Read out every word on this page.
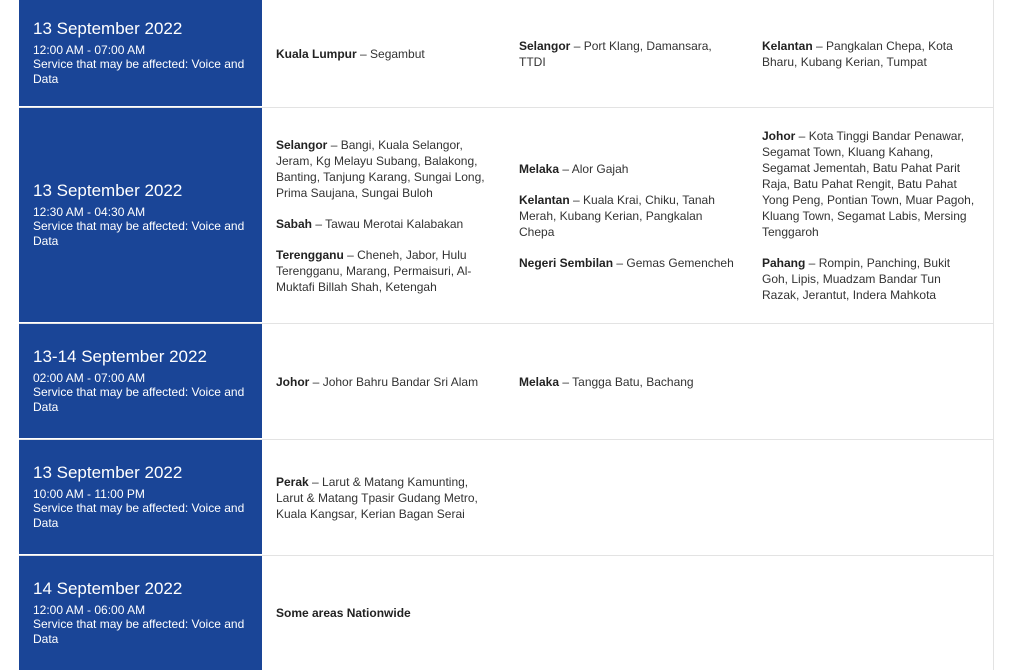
13 September 2022
12:00 AM - 07:00 AM
Service that may be affected: Voice and Data

Kuala Lumpur – Segambut

Selangor – Port Klang, Damansara, TTDI

Kelantan – Pangkalan Chepa, Kota Bharu, Kubang Kerian, Tumpat

13 September 2022
12:30 AM - 04:30 AM
Service that may be affected: Voice and Data

Selangor – Bangi, Kuala Selangor, Jeram, Kg Melayu Subang, Balakong, Banting, Tanjung Karang, Sungai Long, Prima Saujana, Sungai Buloh

Sabah – Tawau Merotai Kalabakan

Terengganu – Cheneh, Jabor, Hulu Terengganu, Marang, Permaisuri, Al-Muktafi Billah Shah, Ketengah

Melaka – Alor Gajah

Kelantan – Kuala Krai, Chiku, Tanah Merah, Kubang Kerian, Pangkalan Chepa

Negeri Sembilan – Gemas Gemencheh

Johor – Kota Tinggi Bandar Penawar, Segamat Town, Kluang Kahang, Segamat Jementah, Batu Pahat Parit Raja, Batu Pahat Rengit, Batu Pahat Yong Peng, Pontian Town, Muar Pagoh, Kluang Town, Segamat Labis, Mersing Tenggaroh

Pahang – Rompin, Panching, Bukit Goh, Lipis, Muadzam Bandar Tun Razak, Jerantut, Indera Mahkota

13-14 September 2022
02:00 AM - 07:00 AM
Service that may be affected: Voice and Data

Johor – Johor Bahru Bandar Sri Alam	Melaka – Tangga Batu, Bachang

13 September 2022
10:00 AM - 11:00 PM
Service that may be affected: Voice and Data

Perak – Larut & Matang Kamunting, Larut & Matang Tpasir Gudang Metro, Kuala Kangsar, Kerian Bagan Serai

14 September 2022
12:00 AM - 06:00 AM
Service that may be affected: Voice and Data

Some areas Nationwide
